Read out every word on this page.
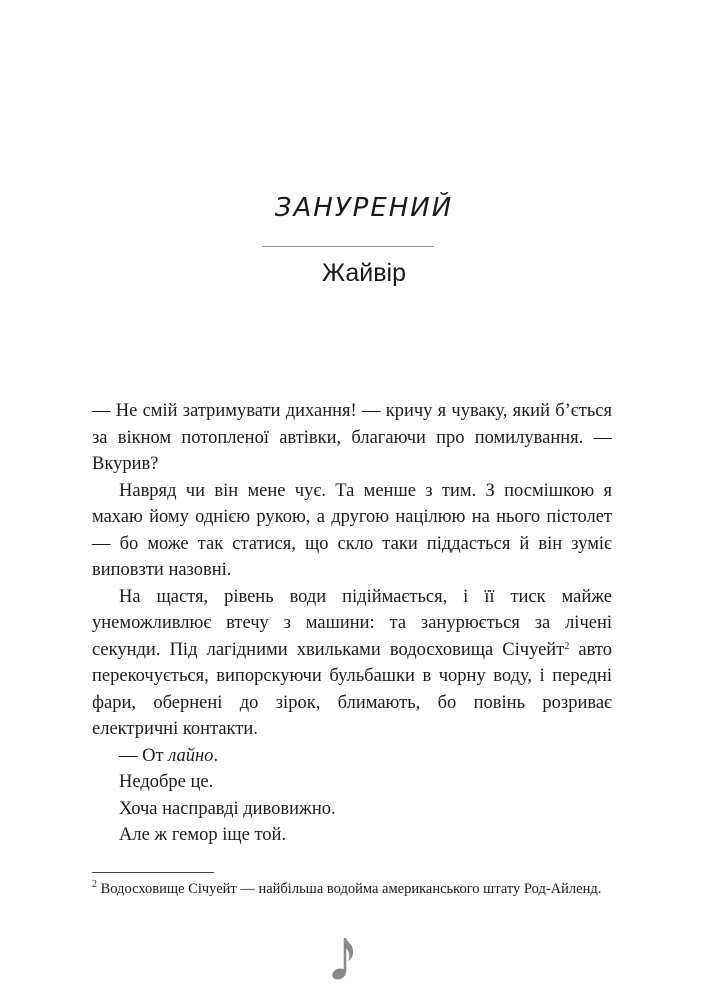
ЗАНУРЕНИЙ
Жайвір

— Не смій затримувати дихання! — кричу я чуваку, який б’ється за вікном потопленої автівки, благаючи про помилування. — Вкурив?

Навряд чи він мене чує. Та менше з тим. З посмішкою я махаю йому однією рукою, а другою націлюю на нього пістолет — бо може так статися, що скло таки піддасться й він зуміє виповзти назовні.

На щастя, рівень води підіймається, і її тиск майже унеможливлює втечу з машини: та занурюється за лічені секунди. Під лагідними хвильками водосховища Січуейт$^2$ авто перекочується, випорскуючи бульбашки в чорну воду, і передні фари, обернені до зірок, блимають, бо повінь розриває електричні контакти.

— От лайно.

Недобре це.

Хоча насправді дивовижно.

Але ж гемор іще той.

$^2$ Водосховище Січуейт — найбільша водойма американського штату Род-Айленд.
